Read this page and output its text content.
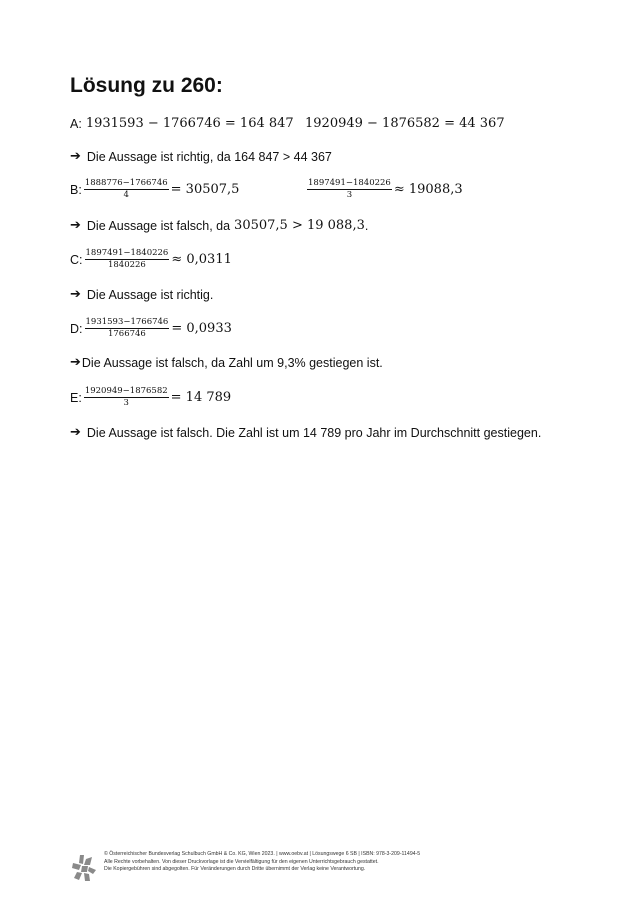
Lösung zu 260:
A: 1931593 − 1766746 = 164 847 1920949 − 1876582 = 44 367
➔ Die Aussage ist richtig, da 164 847 > 44 367
B: $\frac{1888776-1766746}{4} = 30507,5$	$\frac{1897491-1840226}{3} \approx 19088,3$
➔ Die Aussage ist falsch, da 30507,5 > 19 088,3 .
C: $\frac{1897491-1840226}{1840226} \approx 0,0311$
➔ Die Aussage ist richtig.
D: $\frac{1931593-1766746}{1766746} = 0,0933$
➔ Die Aussage ist falsch, da Zahl um 9,3% gestiegen ist.
E: $\frac{1920949-1876582}{3} = 14$ 789
➔ Die Aussage ist falsch. Die Zahl ist um 14 789 pro Jahr im Durchschnitt gestiegen.
© Österreichischer Bundesverlag Schulbuch GmbH & Co. KG, Wien 2023. | www.oebv.at | Lösungswege 6 SB | ISBN: 978-3-209-11494-5
Alle Rechte vorbehalten. Von dieser Druckvorlage ist die Vervielfältigung für den eigenen Unterrichtsgebrauch gestattet.
Die Kopiergebühren sind abgegolten. Für Veränderungen durch Dritte übernimmt der Verlag keine Verantwortung.
